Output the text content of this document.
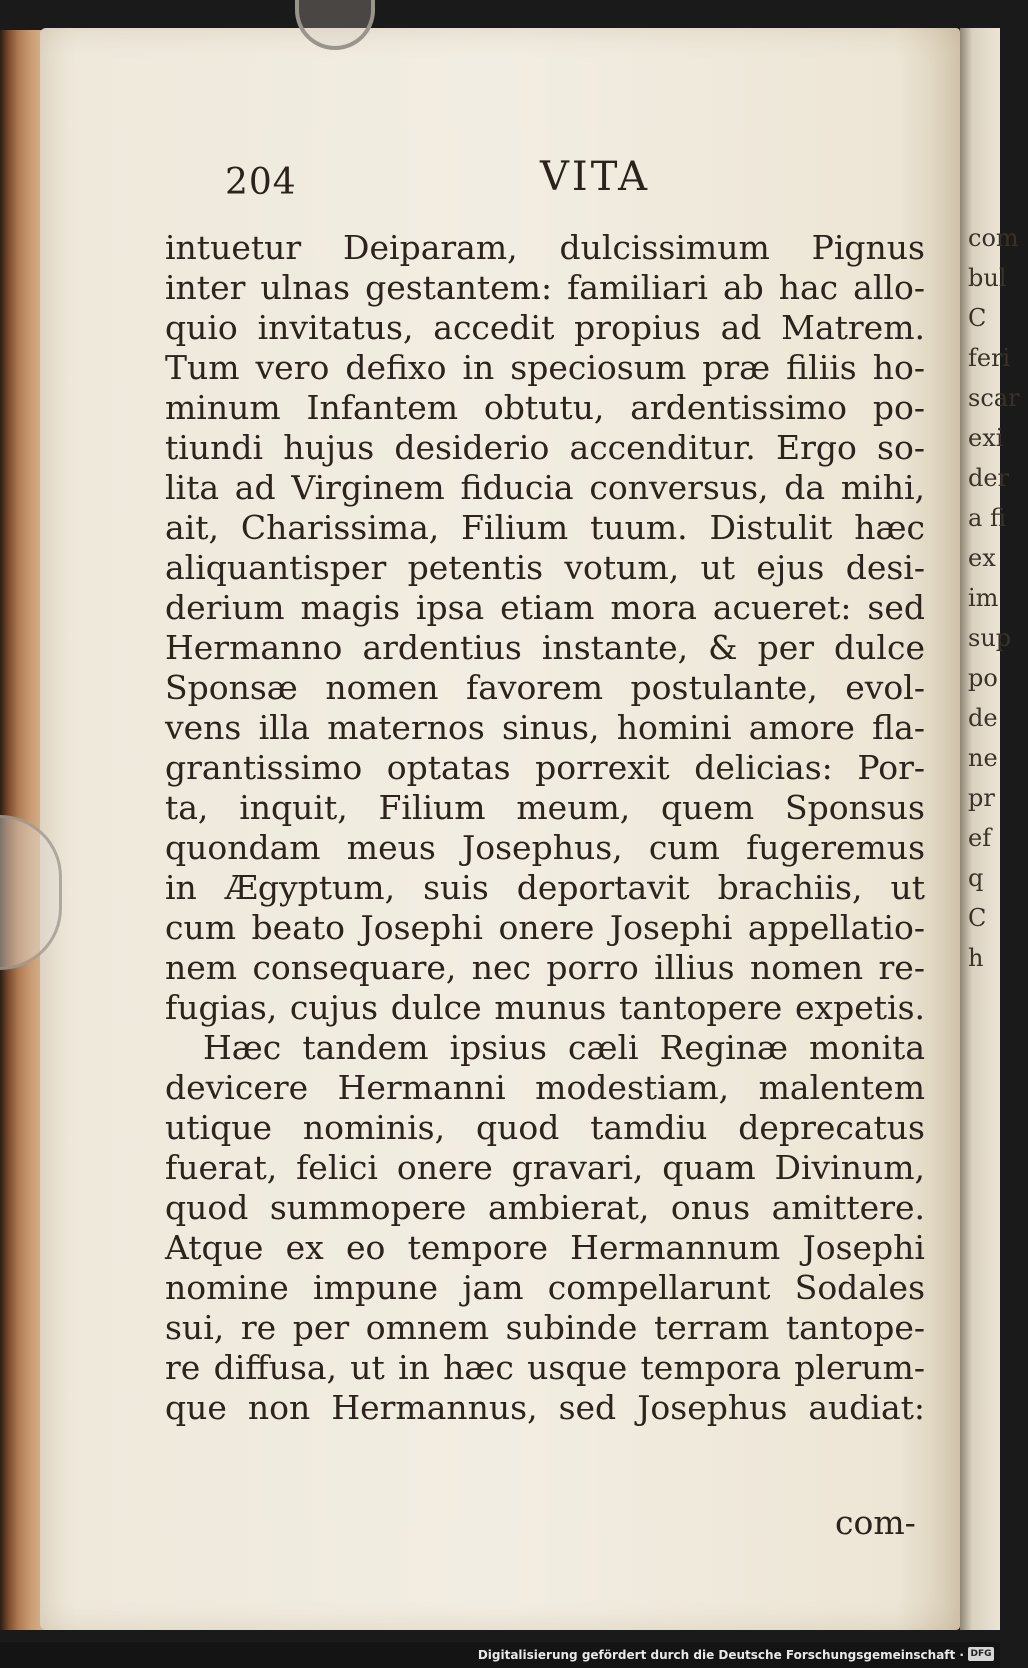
204	VITA
intuetur Deiparam, dulcissimum Pignus
inter ulnas gestantem: familiari ab hac allo-
quio invitatus, accedit propius ad Matrem.
Tum vero defixo in speciosum præ filiis ho-
minum Infantem obtutu, ardentissimo po-
tiundi hujus desiderio accenditur. Ergo so-
lita ad Virginem fiducia conversus, da mihi,
ait, Charissima, Filium tuum. Distulit hæc
aliquantisper petentis votum, ut ejus desi-
derium magis ipsa etiam mora acueret: sed
Hermanno ardentius instante, & per dulce
Sponsæ nomen favorem postulante, evol-
vens illa maternos sinus, homini amore fla-
grantissimo optatas porrexit delicias: Por-
ta, inquit, Filium meum, quem Sponsus
quondam meus Josephus, cum fugeremus
in Ægyptum, suis deportavit brachiis, ut
cum beato Josephi onere Josephi appellatio-
nem consequare, nec porro illius nomen re-
fugias, cujus dulce munus tantopere expetis.
Hæc tandem ipsius cæli Reginæ monita
devicere Hermanni modestiam, malentem
utique nominis, quod tamdiu deprecatus
fuerat, felici onere gravari, quam Divinum,
quod summopere ambierat, onus amittere.
Atque ex eo tempore Hermannum Josephi
nomine impune jam compellarunt Sodales
sui, re per omnem subinde terram tantope-
re diffusa, ut in hæc usque tempora plerum-
que non Hermannus, sed Josephus audiat:
com-
com
bul
C
feri
scar
exi
der
a fi
ex
im
sup
po
de
ne
pr
ef
q
C
h
Digitalisierung gefördert durch die Deutsche Forschungsgemeinschaft · DFG
